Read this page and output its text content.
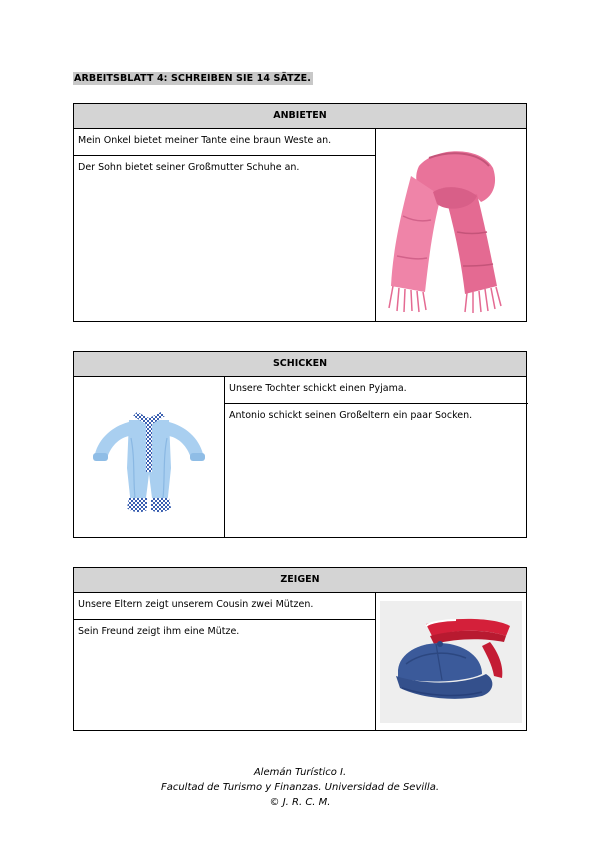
ARBEITSBLATT 4: SCHREIBEN SIE 14 SÄTZE.
ANBIETEN
Mein Onkel bietet meiner Tante eine braun Weste an.
Der Sohn bietet seiner Großmutter Schuhe an.
SCHICKEN
Unsere Tochter schickt einen Pyjama.
Antonio schickt seinen Großeltern ein paar Socken.
ZEIGEN
Unsere Eltern zeigt unserem Cousin zwei Mützen.
Sein Freund zeigt ihm eine Mütze.
Alemán Turístico I.
Facultad de Turismo y Finanzas. Universidad de Sevilla.
© J. R. C. M.
